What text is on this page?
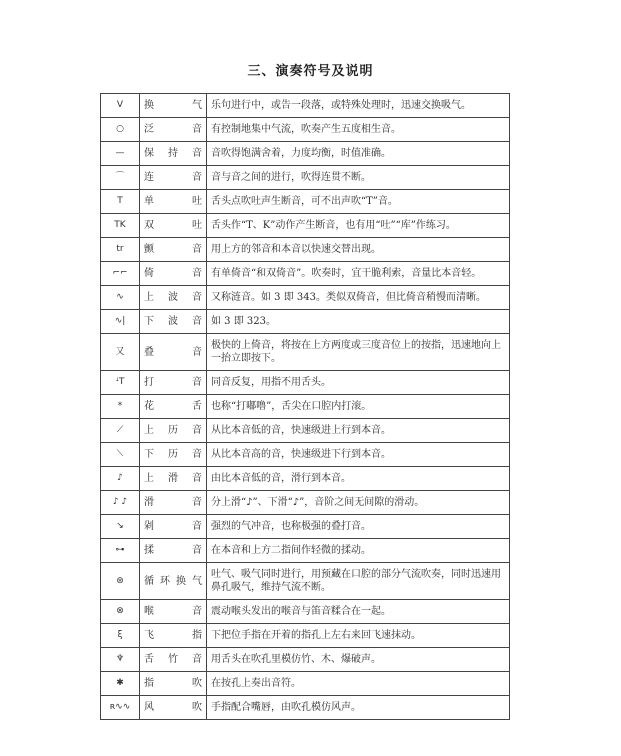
三、演奏符号及说明
V	换 气	乐句进行中，或告一段落，或特殊处理时，迅速交换吸气。
○	泛 音	有控制地集中气流，吹奏产生五度相生音。
—	保 持 音	音吹得饱满舍着，力度均衡，时值准确。
⌒	连 音	音与音之间的进行，吹得连贯不断。
T	单 吐	舌头点吹吐声生断音，可不出声吹“T”音。
TK	双 吐	舌头作“T、K”动作产生断音，也有用“吐”“库”作练习。
tr	颤 音	用上方的邻音和本音以快速交替出现。
⌐⌐	倚 音	有单倚音“和双倚音”。吹奏时，宜干脆利索，音量比本音轻。
∿	上 波 音	又称涟音。如 3 即 343。类似双倚音，但比倚音稍慢而清晰。
∿|	下 波 音	如 3 即 323。
又	叠 音	极快的上倚音，将按在上方两度或三度音位上的按指，迅速地向上一抬立即按下。
ꜜT	打 音	同音反复，用指不用舌头。
*	花 舌	也称“打嘟噜”，舌尖在口腔内打滚。
⟋	上 历 音	从比本音低的音，快速级进上行到本音。
⟍	下 历 音	从比本音高的音，快速级进下行到本音。
♪	上 滑 音	由比本音低的音，滑行到本音。
♪ ♪	滑 音	分上滑“♪”、下滑“♪”，音阶之间无间隙的滑动。
↘	剁 音	强烈的气冲音，也称极强的叠打音。
⊶	揉 音	在本音和上方二指间作轻微的揉动。
⊛	循环换气	吐气、吸气同时进行，用预藏在口腔的部分气流吹奏，同时迅速用鼻孔吸气，维持气流不断。
⊗	喉 音	震动喉头发出的喉音与笛音糅合在一起。
ξ	飞 指	下把位手指在开着的指孔上左右来回飞速抹动。
♆	舌 竹 音	用舌头在吹孔里模仿竹、木、爆破声。
✱	指 吹	在按孔上奏出音符。
ʀ∿∿	风 吹	手指配合嘴唇，由吹孔模仿风声。
